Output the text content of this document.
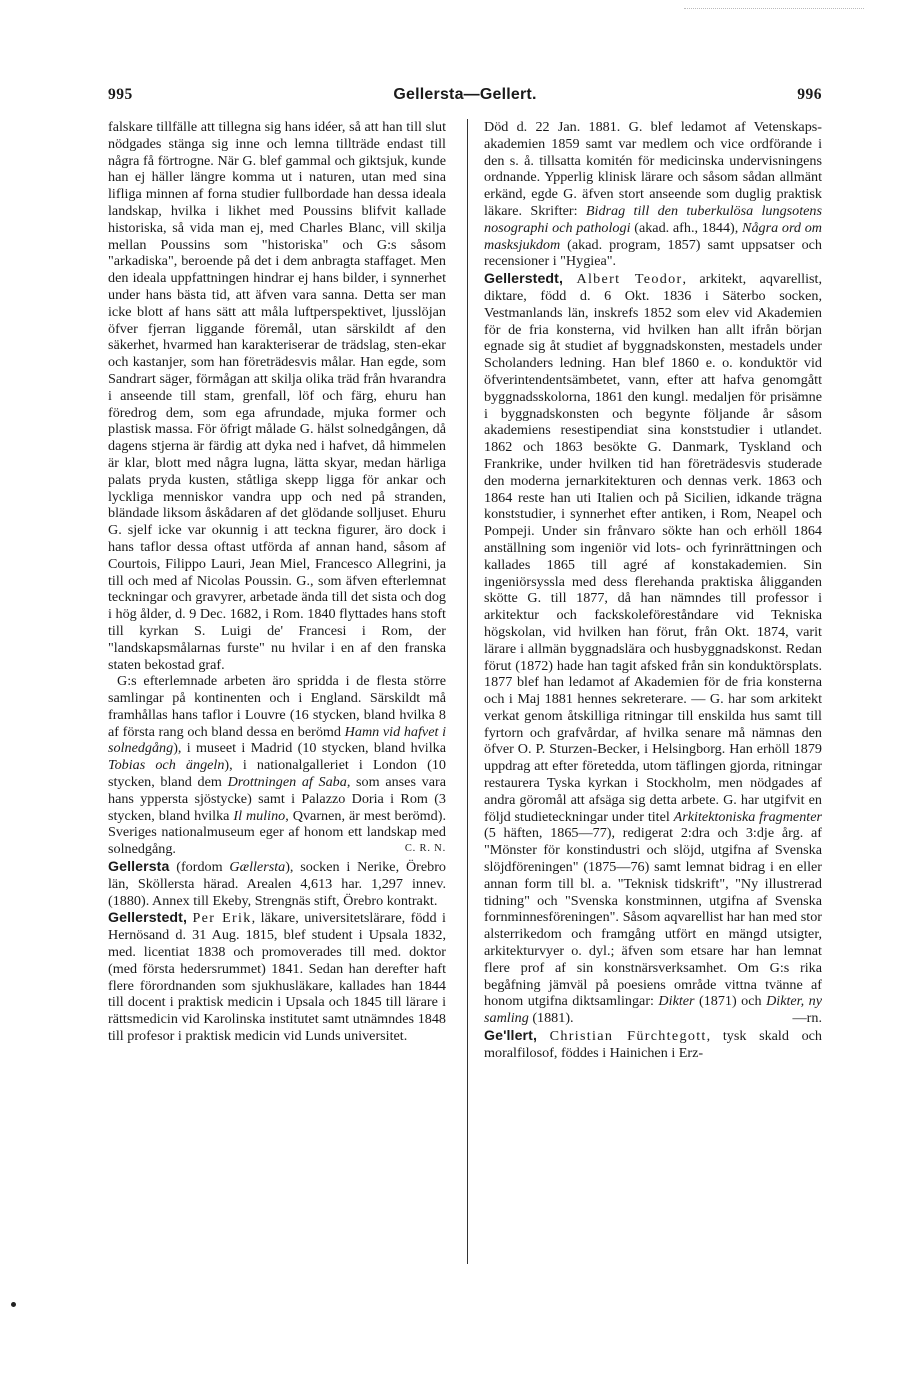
995	Gellersta—Gellert.	996

falskare tillfälle att tillegna sig hans idéer, så att han till slut nödgades stänga sig inne och lemna tillträde endast till några få förtrogne. När G. blef gammal och giktsjuk, kunde han ej häller längre komma ut i naturen, utan med sina lifliga minnen af forna studier fullbordade han dessa ideala landskap, hvilka i likhet med Poussins blifvit kallade historiska, så vida man ej, med Charles Blanc, vill skilja mellan Poussins som "historiska" och G:s såsom "arkadiska", beroende på det i dem anbragta staffaget. Men den ideala uppfattningen hindrar ej hans bilder, i synnerhet under hans bästa tid, att äfven vara sanna. Detta ser man icke blott af hans sätt att måla luftperspektivet, ljusslöjan öfver fjerran liggande föremål, utan särskildt af den säkerhet, hvarmed han karakteriserar de trädslag, sten-ekar och kastanjer, som han företrädesvis målar. Han egde, som Sandrart säger, förmågan att skilja olika träd från hvarandra i anseende till stam, grenfall, löf och färg, ehuru han föredrog dem, som ega afrundade, mjuka former och plastisk massa. För öfrigt målade G. hälst solnedgången, då dagens stjerna är färdig att dyka ned i hafvet, då himmelen är klar, blott med några lugna, lätta skyar, medan härliga palats pryda kusten, ståtliga skepp ligga för ankar och lyckliga menniskor vandra upp och ned på stranden, bländade liksom åskådaren af det glödande solljuset. Ehuru G. sjelf icke var okunnig i att teckna figurer, äro dock i hans taflor dessa oftast utförda af annan hand, såsom af Courtois, Filippo Lauri, Jean Miel, Francesco Allegrini, ja till och med af Nicolas Poussin. G., som äfven efterlemnat teckningar och gravyrer, arbetade ända till det sista och dog i hög ålder, d. 9 Dec. 1682, i Rom. 1840 flyttades hans stoft till kyrkan S. Luigi de' Francesi i Rom, der "landskapsmålarnas furste" nu hvilar i en af den franska staten bekostad graf.

G:s efterlemnade arbeten äro spridda i de flesta större samlingar på kontinenten och i England. Särskildt må framhållas hans taflor i Louvre (16 stycken, bland hvilka 8 af första rang och bland dessa en berömd Hamn vid hafvet i solnedgång), i museet i Madrid (10 stycken, bland hvilka Tobias och ängeln), i nationalgalleriet i London (10 stycken, bland dem Drottningen af Saba, som anses vara hans yppersta sjöstycke) samt i Palazzo Doria i Rom (3 stycken, bland hvilka Il mulino, Qvarnen, är mest berömd). Sveriges nationalmuseum eger af honom ett landskap med solnedgång.	C. R. N.

Gellersta (fordom Gællersta), socken i Nerike, Örebro län, Sköllersta härad. Arealen 4,613 har. 1,297 innev. (1880). Annex till Ekeby, Strengnäs stift, Örebro kontrakt.

Gellerstedt, Per Erik, läkare, universitetslärare, född i Hernösand d. 31 Aug. 1815, blef student i Upsala 1832, med. licentiat 1838 och promoverades till med. doktor (med första hedersrummet) 1841. Sedan han derefter haft flere förordnanden som sjukhusläkare, kallades han 1844 till docent i praktisk medicin i Upsala och 1845 till lärare i rättsmedicin vid Karolinska institutet samt utnämndes 1848 till profesor i praktisk medicin vid Lunds universitet.

Död d. 22 Jan. 1881. G. blef ledamot af Vetenskaps-akademien 1859 samt var medlem och vice ordförande i den s. å. tillsatta komitén för medicinska undervisningens ordnande. Ypperlig klinisk lärare och såsom sådan allmänt erkänd, egde G. äfven stort anseende som duglig praktisk läkare. Skrifter: Bidrag till den tuberkulösa lungsotens nosographi och pathologi (akad. afh., 1844), Några ord om masksjukdom (akad. program, 1857) samt uppsatser och recensioner i "Hygiea".

Gellerstedt, Albert Teodor, arkitekt, aqvarellist, diktare, född d. 6 Okt. 1836 i Säterbo socken, Vestmanlands län, inskrefs 1852 som elev vid Akademien för de fria konsterna, vid hvilken han allt ifrån början egnade sig åt studiet af byggnadskonsten, mestadels under Scholanders ledning. Han blef 1860 e. o. konduktör vid öfverintendentsämbetet, vann, efter att hafva genomgått byggnadsskolorna, 1861 den kungl. medaljen för prisämne i byggnadskonsten och begynte följande år såsom akademiens resestipendiat sina konststudier i utlandet. 1862 och 1863 besökte G. Danmark, Tyskland och Frankrike, under hvilken tid han företrädesvis studerade den moderna jernarkitekturen och dennas verk. 1863 och 1864 reste han uti Italien och på Sicilien, idkande trägna konststudier, i synnerhet efter antiken, i Rom, Neapel och Pompeji. Under sin frånvaro sökte han och erhöll 1864 anställning som ingeniör vid lots- och fyrinrättningen och kallades 1865 till agré af konstakademien. Sin ingeniörsyssla med dess flerehanda praktiska åligganden skötte G. till 1877, då han nämndes till professor i arkitektur och fackskoleföreståndare vid Tekniska högskolan, vid hvilken han förut, från Okt. 1874, varit lärare i allmän byggnadslära och husbyggnadskonst. Redan förut (1872) hade han tagit afsked från sin konduktörsplats. 1877 blef han ledamot af Akademien för de fria konsterna och i Maj 1881 hennes sekreterare. — G. har som arkitekt verkat genom åtskilliga ritningar till enskilda hus samt till fyrtorn och grafvårdar, af hvilka senare må nämnas den öfver O. P. Sturzen-Becker, i Helsingborg. Han erhöll 1879 uppdrag att efter företedda, utom täflingen gjorda, ritningar restaurera Tyska kyrkan i Stockholm, men nödgades af andra göromål att afsäga sig detta arbete. G. har utgifvit en följd studieteckningar under titel Arkitektoniska fragmenter (5 häften, 1865—77), redigerat 2:dra och 3:dje årg. af "Mönster för konstindustri och slöjd, utgifna af Svenska slöjdföreningen" (1875—76) samt lemnat bidrag i en eller annan form till bl. a. "Teknisk tidskrift", "Ny illustrerad tidning" och "Svenska konstminnen, utgifna af Svenska fornminnesföreningen". Såsom aqvarellist har han med stor alsterrikedom och framgång utfört en mängd utsigter, arkitekturvyer o. dyl.; äfven som etsare har han lemnat flere prof af sin konstnärsverksamhet. Om G:s rika begåfning jämväl på poesiens område vittna tvänne af honom utgifna diktsamlingar: Dikter (1871) och Dikter, ny samling (1881).	—rn.

Ge'llert, Christian Fürchtegott, tysk skald och moralfilosof, föddes i Hainichen i Erz-
